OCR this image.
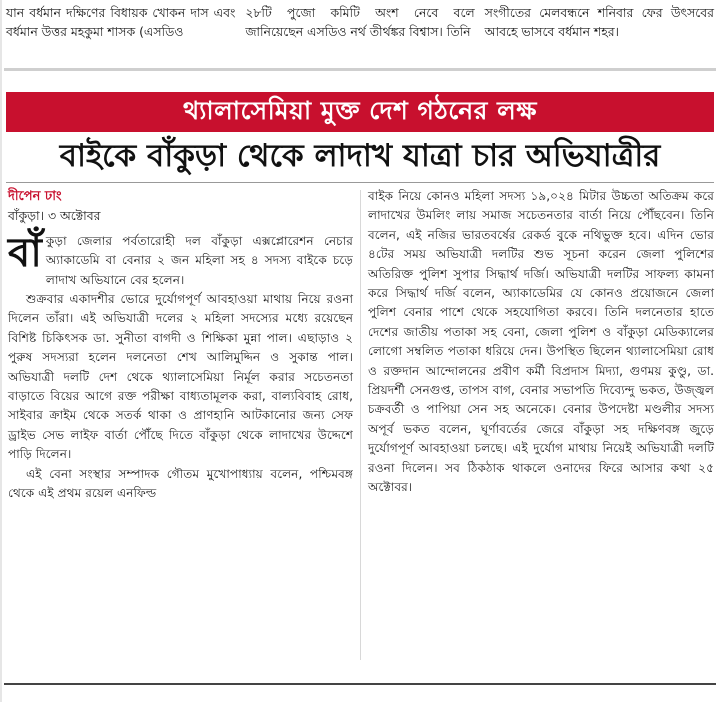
যান বর্ধমান দক্ষিণের বিধায়ক খোকন দাস এবং বর্ধমান উত্তর মহকুমা শাসক (এসডিও

২৮টি পুজো কমিটি অংশ নেবে বলে জানিয়েছেন এসডিও নর্থ তীর্থঙ্কর বিশ্বাস। তিনি

সংগীতের মেলবন্ধনে শনিবার ফের উৎসবের আবহে ভাসবে বর্ধমান শহর।

থ্যালাসেমিয়া মুক্ত দেশ গঠনের লক্ষ
বাইকে বাঁকুড়া থেকে লাদাখ যাত্রা চার অভিযাত্রীর

দীপেন ঢাং

বাঁকুড়া। ৩ অক্টোবর

বাঁ কুড়া জেলার পর্বতারোহী দল বাঁকুড়া এক্সপ্লোরেশন নেচার অ্যাকাডেমি বা বেনার ২ জন মহিলা সহ ৪ সদস্য বাইকে চড়ে লাদাখ অভিযানে বের হলেন।

শুক্রবার একাদশীর ভোরে দুর্যোগপূর্ণ আবহাওয়া মাথায় নিয়ে রওনা দিলেন তাঁরা। এই অভিযাত্রী দলের ২ মহিলা সদস্যের মধ্যে রয়েছেন বিশিষ্ট চিকিৎসক ডা. সুনীতা বাগদী ও শিক্ষিকা মুন্না পাল। এছাড়াও ২ পুরুষ সদস্যরা হলেন দলনেতা শেখ আলিমুদ্দিন ও সুকান্ত পাল। অভিযাত্রী দলটি দেশ থেকে থ্যালাসেমিয়া নির্মূল করার সচেতনতা বাড়াতে বিয়ের আগে রক্ত পরীক্ষা বাধ্যতামূলক করা, বাল্যবিবাহ রোধ, সাইবার ক্রাইম থেকে সতর্ক থাকা ও প্রাণহানি আটকানোর জন্য সেফ ড্রাইভ সেভ লাইফ বার্তা পৌঁছে দিতে বাঁকুড়া থেকে লাদাখের উদ্দেশে পাড়ি দিলেন।

এই বেনা সংস্থার সম্পাদক গৌতম মুখোপাধ্যায় বলেন, পশ্চিমবঙ্গ থেকে এই প্রথম রয়েল এনফিল্ড

বাইক নিয়ে কোনও মহিলা সদস্য ১৯,০২৪ মিটার উচ্চতা অতিক্রম করে লাদাখের উমলিং লায় সমাজ সচেতনতার বার্তা নিয়ে পৌঁছবেন। তিনি বলেন, এই নজির ভারতবর্ষের রেকর্ড বুকে নথিভুক্ত হবে। এদিন ভোর ৪টের সময় অভিযাত্রী দলটির শুভ সূচনা করেন জেলা পুলিশের অতিরিক্ত পুলিশ সুপার সিদ্ধার্থ দর্জি। অভিযাত্রী দলটির সাফল্য কামনা করে সিদ্ধার্থ দর্জি বলেন, অ্যাকাডেমির যে কোনও প্রয়োজনে জেলা পুলিশ বেনার পাশে থেকে সহযোগিতা করবে। তিনি দলনেতার হাতে দেশের জাতীয় পতাকা সহ বেনা, জেলা পুলিশ ও বাঁকুড়া মেডিক্যালের লোগো সম্বলিত পতাকা ধরিয়ে দেন। উপস্থিত ছিলেন থ্যালাসেমিয়া রোধ ও রক্তদান আন্দোলনের প্রবীণ কর্মী বিপ্রদাস মিদ্যা, গুণময় কুণ্ডু, ডা. প্রিয়দর্শী সেনগুপ্ত, তাপস বাগ, বেনার সভাপতি দিব্যেন্দু ভকত, উজ্জ্বল চক্রবর্তী ও পাপিয়া সেন সহ অনেকে। বেনার উপদেষ্টা মণ্ডলীর সদস্য অপূর্ব ভকত বলেন, ঘূর্ণাবর্তের জেরে বাঁকুড়া সহ দক্ষিণবঙ্গ জুড়ে দুর্যোগপূর্ণ আবহাওয়া চলছে। এই দুর্যোগ মাথায় নিয়েই অভিযাত্রী দলটি রওনা দিলেন। সব ঠিকঠাক থাকলে ওনাদের ফিরে আসার কথা ২৫ অক্টোবর।
